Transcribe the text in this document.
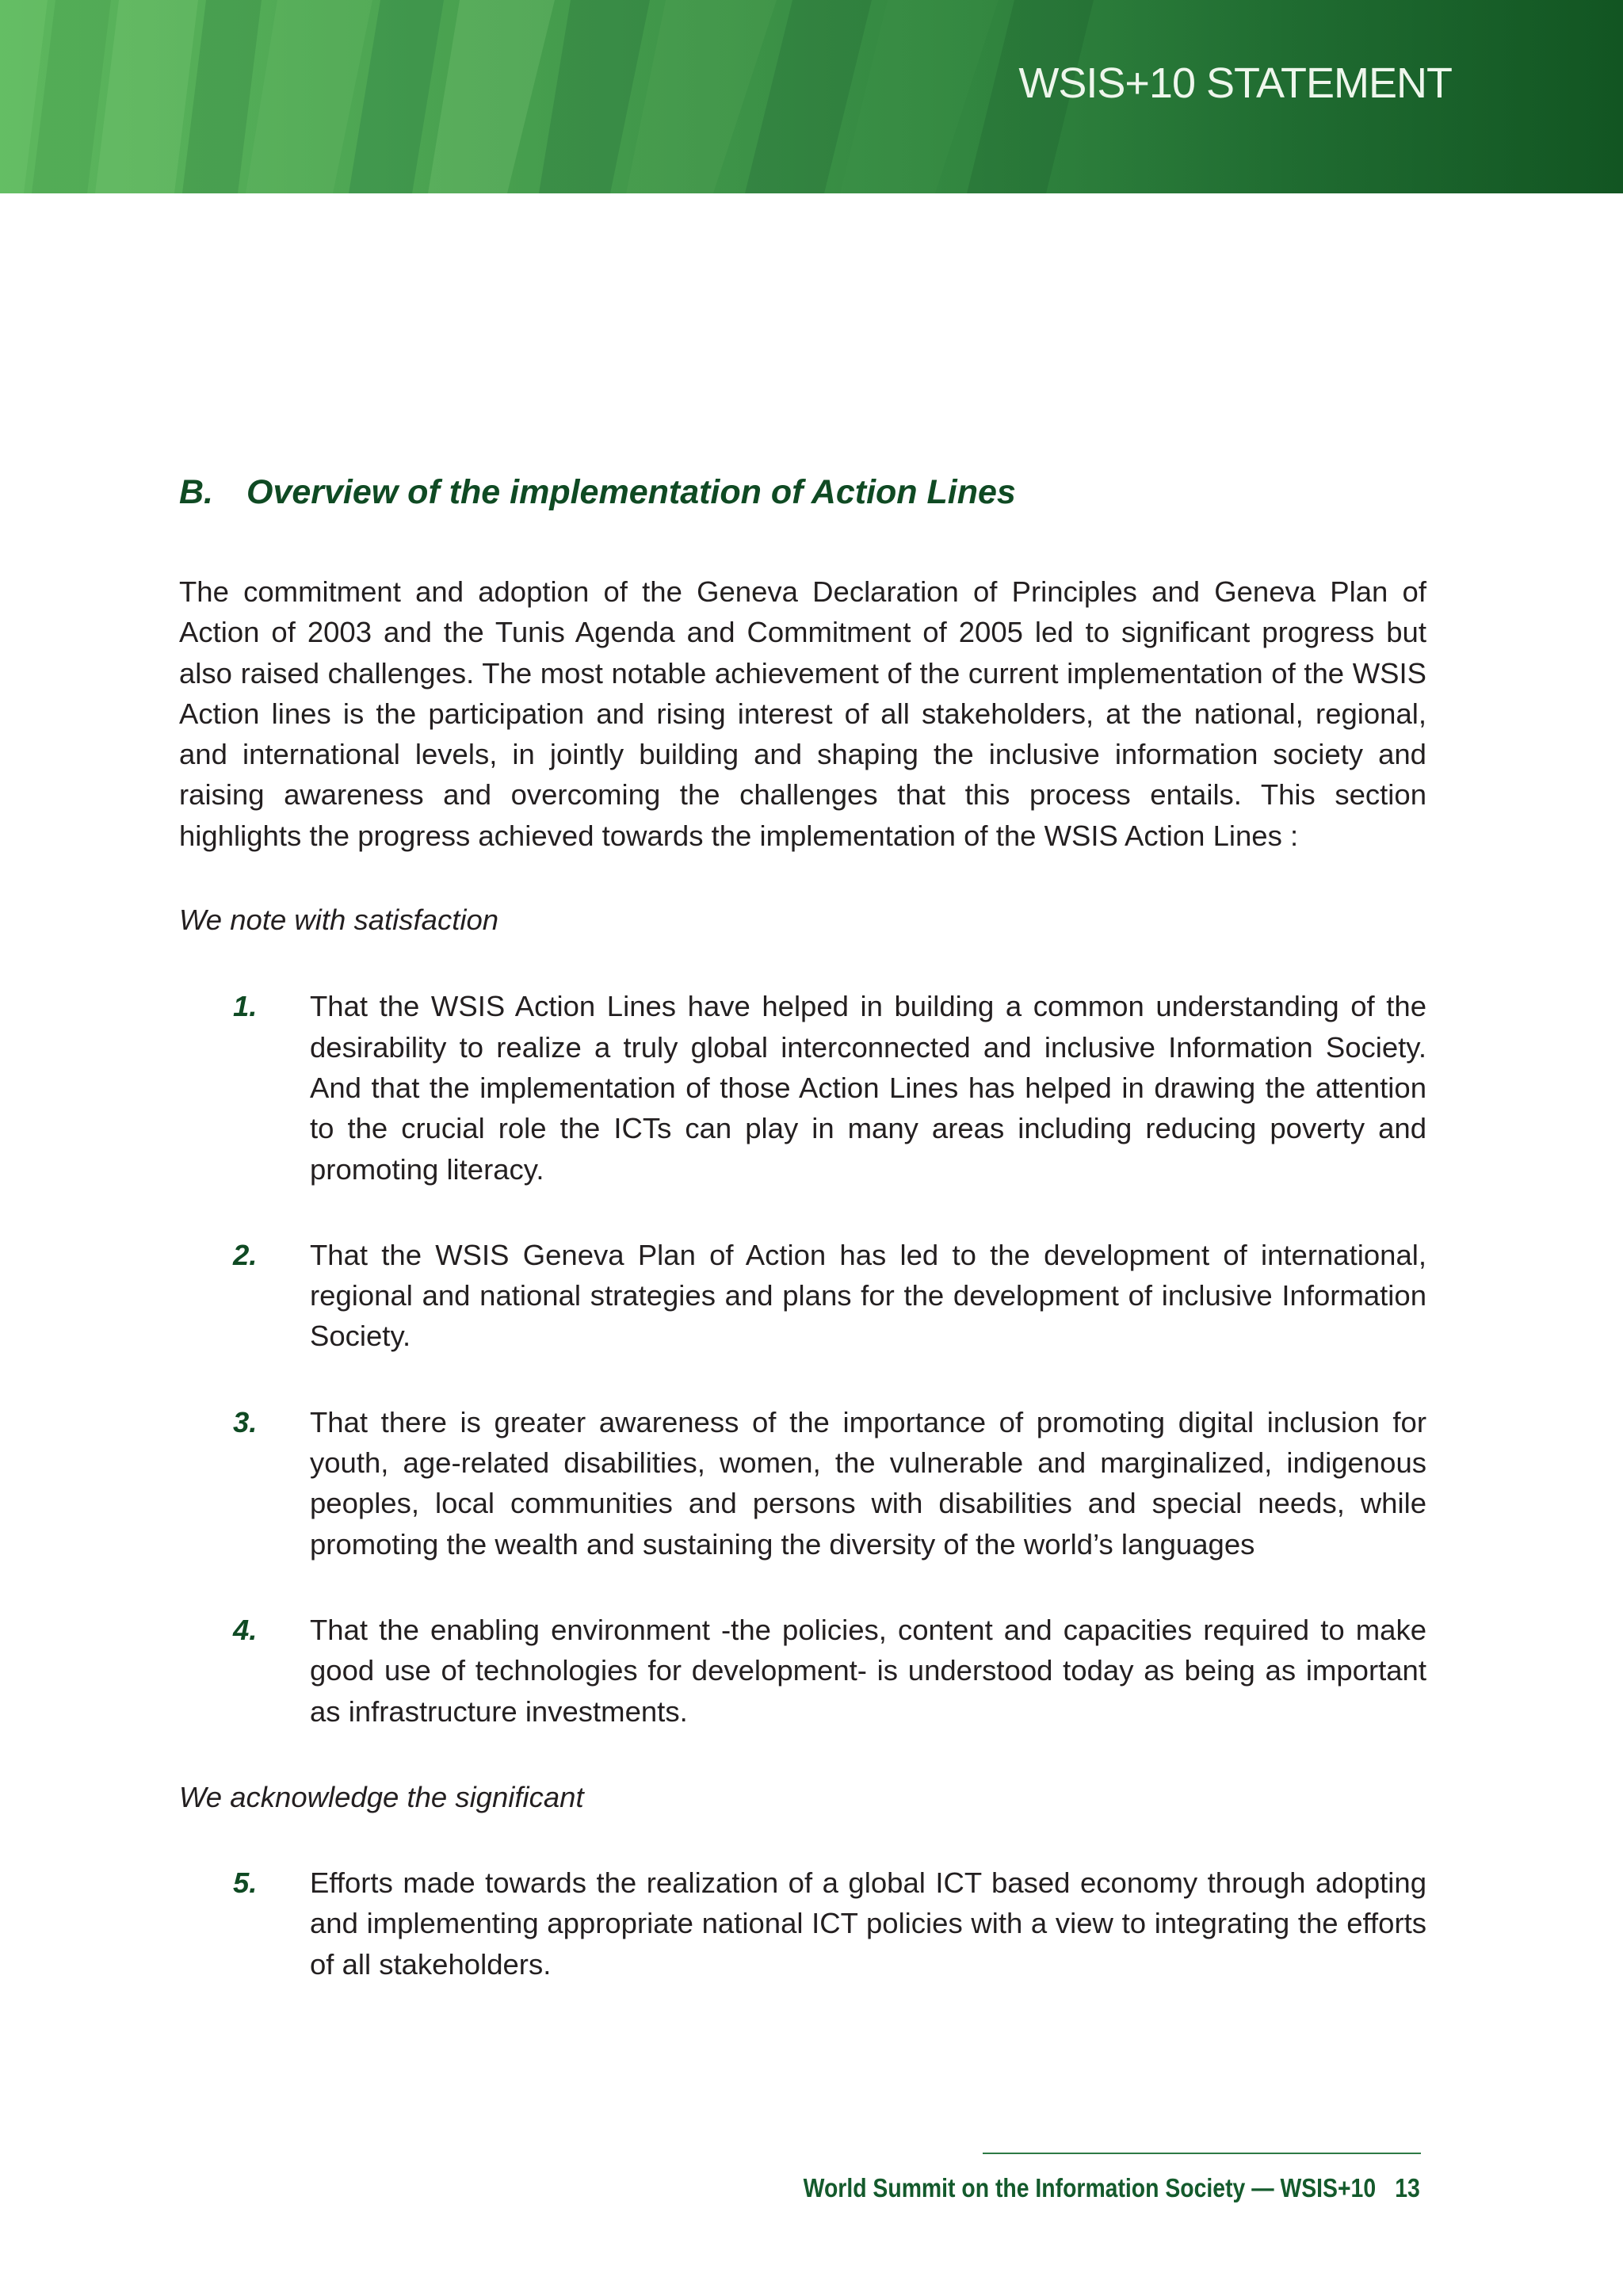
WSIS+10 STATEMENT
B. Overview of the implementation of Action Lines

The commitment and adoption of the Geneva Declaration of Principles and Geneva Plan of Action of 2003 and the Tunis Agenda and Commitment of 2005 led to significant progress but also raised challenges. The most notable achievement of the current implementation of the WSIS Action lines is the participation and rising interest of all stakeholders, at the national, regional, and international levels, in jointly building and shaping the inclusive information society and raising awareness and overcoming the challenges that this process entails. This section highlights the progress achieved towards the implementation of the WSIS Action Lines :

We note with satisfaction

1. That the WSIS Action Lines have helped in building a common understanding of the desirability to realize a truly global interconnected and inclusive Information Society. And that the implementation of those Action Lines has helped in drawing the attention to the crucial role the ICTs can play in many areas including reducing poverty and promoting literacy.
2. That the WSIS Geneva Plan of Action has led to the development of international, regional and national strategies and plans for the development of inclusive Information Society.
3. That there is greater awareness of the importance of promoting digital inclusion for youth, age-related disabilities, women, the vulnerable and marginalized, indigenous peoples, local communities and persons with disabilities and special needs, while promoting the wealth and sustaining the diversity of the world’s languages
4. That the enabling environment -the policies, content and capacities required to make good use of technologies for development- is understood today as being as important as infrastructure investments.

We acknowledge the significant

5. Efforts made towards the realization of a global ICT based economy through adopting and implementing appropriate national ICT policies with a view to integrating the efforts of all stakeholders.
World Summit on the Information Society — WSIS+10 13
